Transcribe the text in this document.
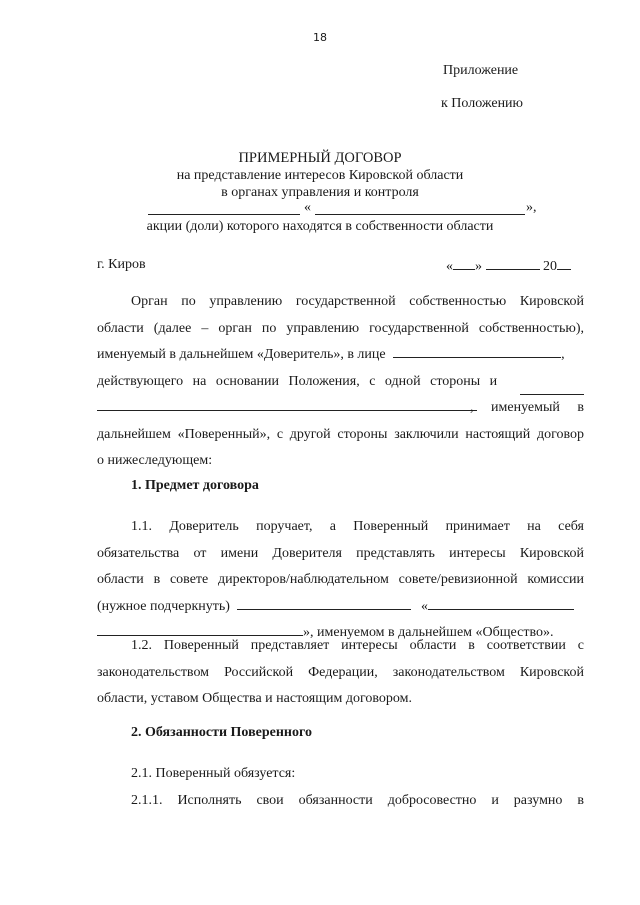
18
Приложение
к Положению
ПРИМЕРНЫЙ ДОГОВОР
на представление интересов Кировской области
в органах управления и контроля
«	»,
акции (доли) которого находятся в собственности области
г. Киров	« »	20
Орган по управлению государственной собственностью Кировской
области (далее – орган по управлению государственной собственностью),
именуемый в дальнейшем «Доверитель», в лице	,
действующего на основании Положения, с одной стороны и
, именуемый в
дальнейшем «Поверенный», с другой стороны заключили настоящий договор
о нижеследующем:
1. Предмет договора
1.1. Доверитель поручает, а Поверенный принимает на себя
обязательства от имени Доверителя представлять интересы Кировской
области в совете директоров/наблюдательном совете/ревизионной комиссии
(нужное подчеркнуть)	«
», именуемом в дальнейшем «Общество».
1.2. Поверенный представляет интересы области в соответствии с
законодательством Российской Федерации, законодательством Кировской
области, уставом Общества и настоящим договором.
2. Обязанности Поверенного
2.1. Поверенный обязуется:
2.1.1. Исполнять свои обязанности добросовестно и разумно в
